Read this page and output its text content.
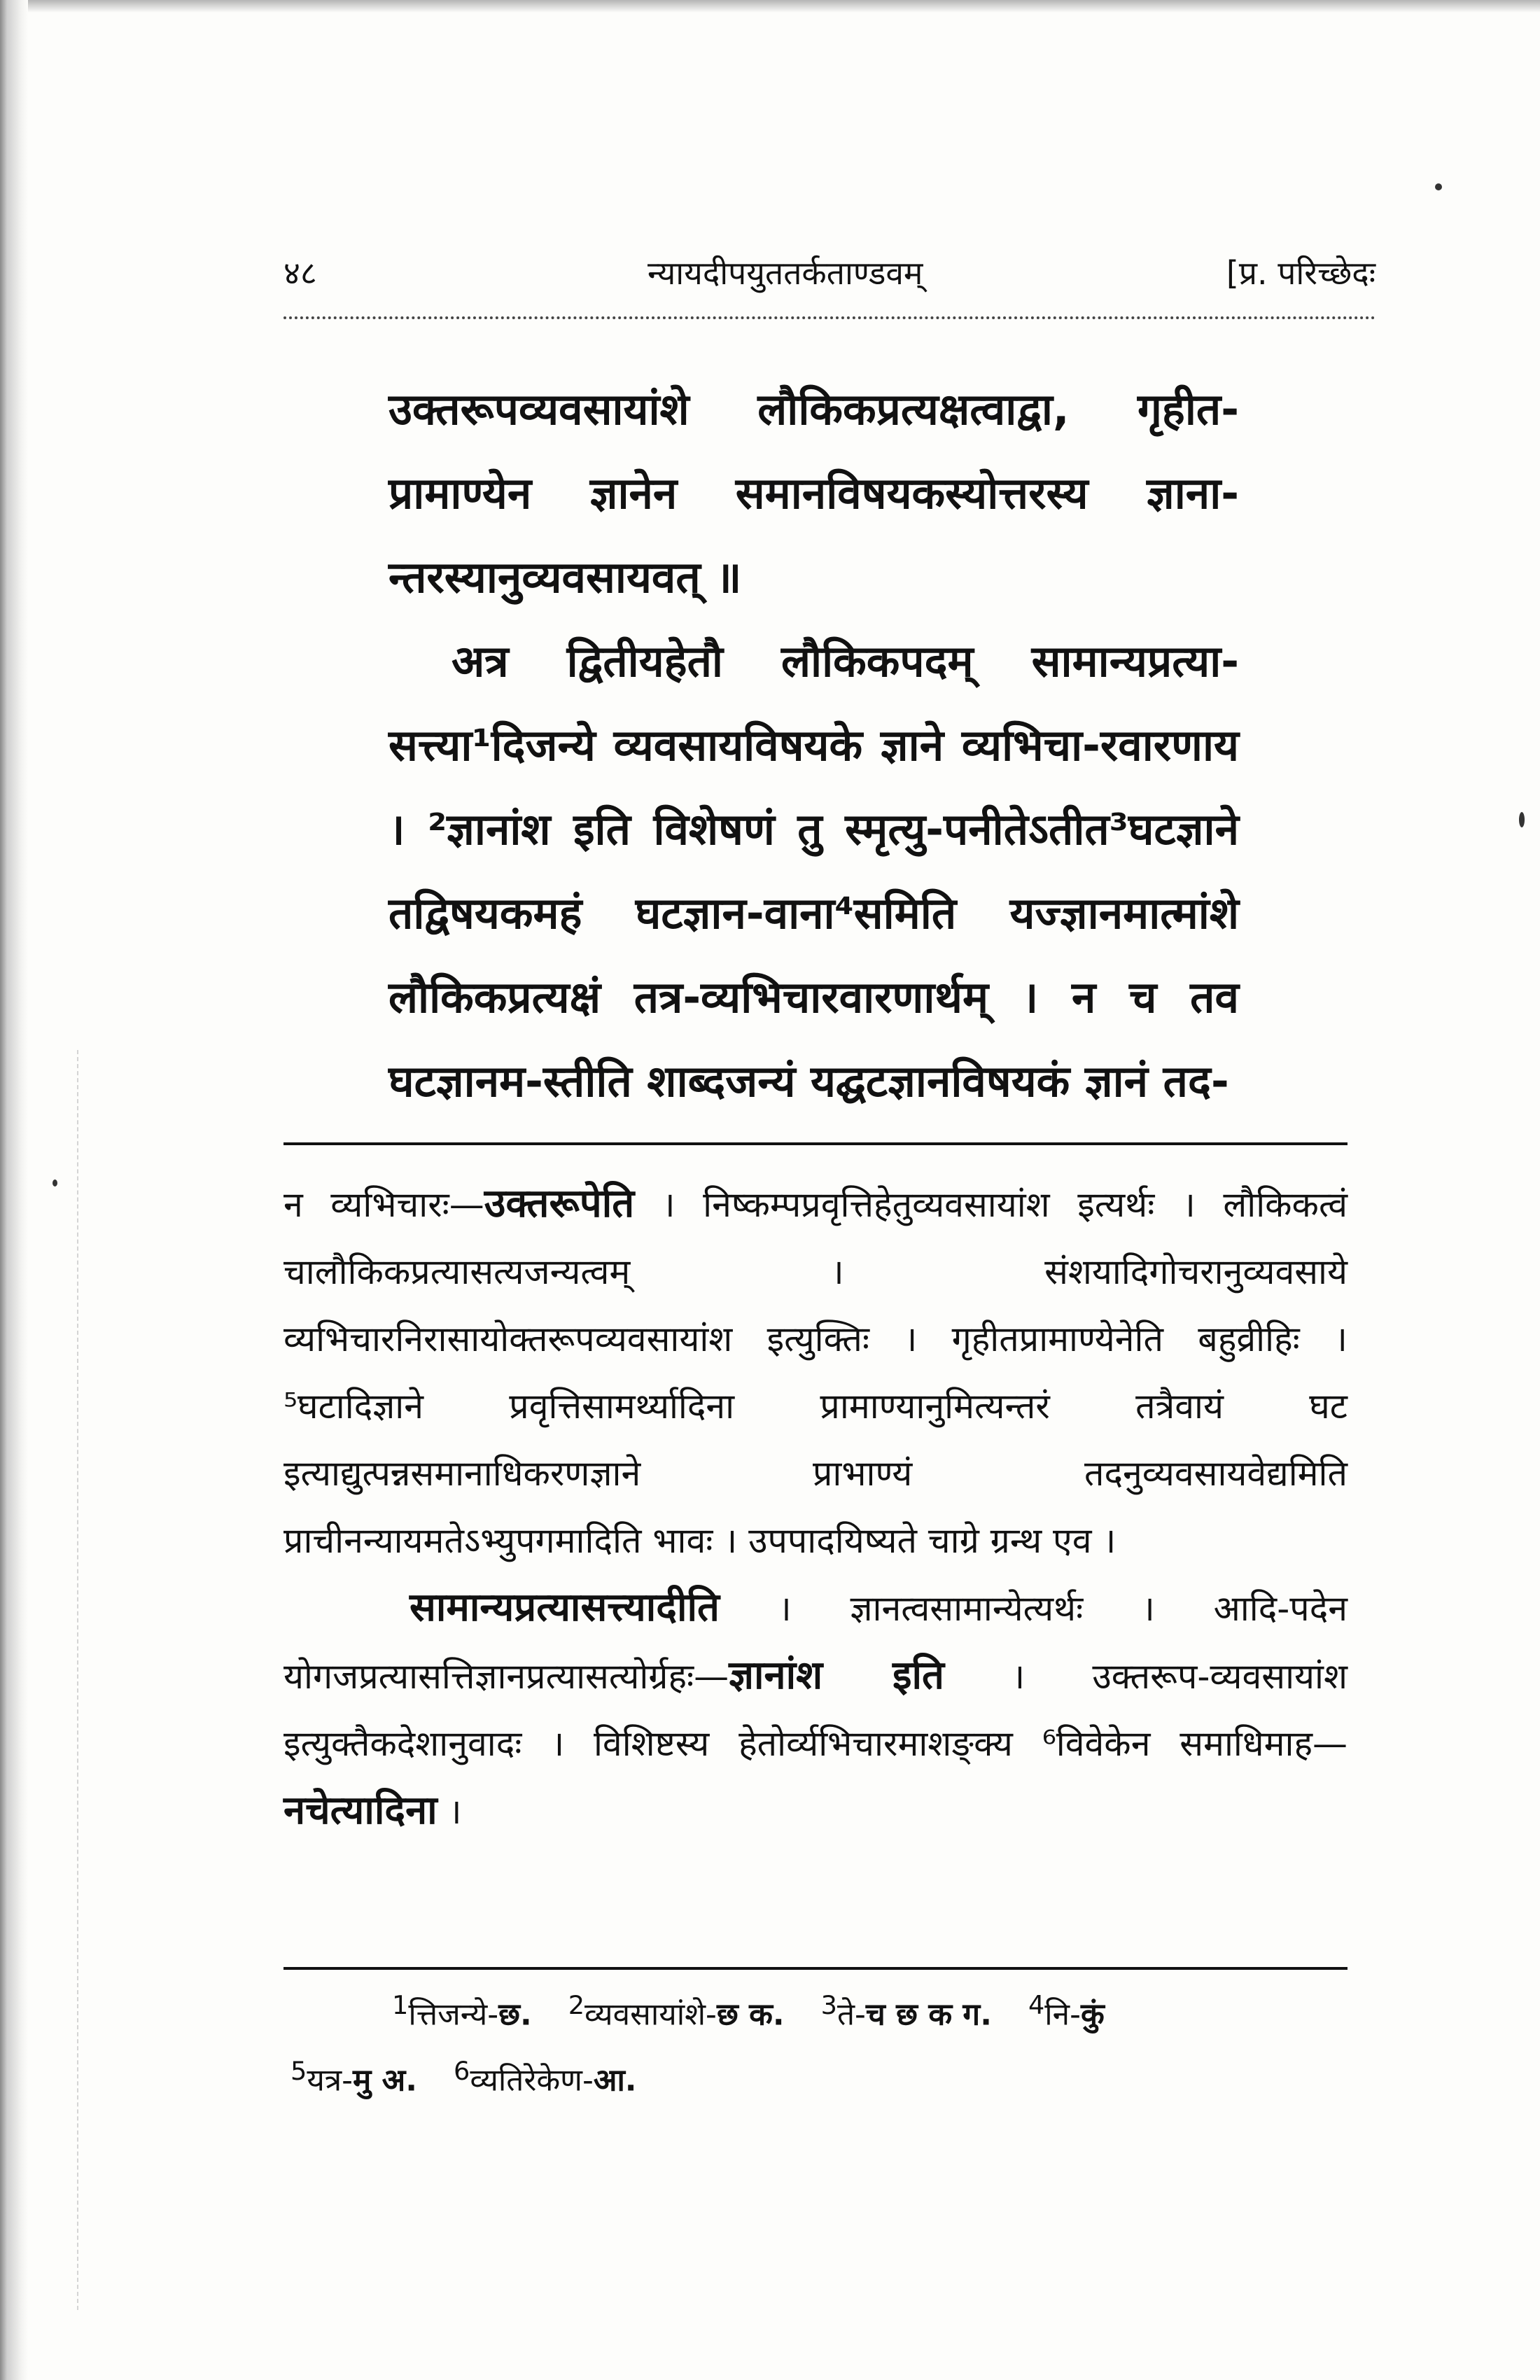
४८	न्यायदीपयुततर्कताण्डवम्	[प्र. परिच्छेदः

उक्तरूपव्यवसायांशे लौकिकप्रत्यक्षत्वाद्वा, गृहीत-प्रामाण्येन ज्ञानेन समानविषयकस्योत्तरस्य ज्ञाना-न्तरस्यानुव्यवसायवत् ॥

अत्र द्वितीयहेतौ लौकिकपदम् सामान्यप्रत्या-सत्त्या¹दिजन्ये व्यवसायविषयके ज्ञाने व्यभिचा-रवारणाय । ²ज्ञानांश इति विशेषणं तु स्मृत्यु-पनीतेऽतीत³घटज्ञाने तद्विषयकमहं घटज्ञान-वाना⁴समिति यज्ज्ञानमात्मांशे लौकिकप्रत्यक्षं तत्र-व्यभिचारवारणार्थम् । न च तव घटज्ञानम-स्तीति शाब्दजन्यं यद्घटज्ञानविषयकं ज्ञानं तद-

न व्यभिचारः—उक्तरूपेति । निष्कम्पप्रवृत्तिहेतुव्यवसायांश इत्यर्थः । लौकिकत्वं चालौकिकप्रत्यासत्यजन्यत्वम् । संशयादिगोचरानुव्यवसाये व्यभिचारनिरासायोक्तरूपव्यवसायांश इत्युक्तिः । गृहीतप्रामाण्येनेति बहुव्रीहिः । ⁵घटादिज्ञाने प्रवृत्तिसामर्थ्यादिना प्रामाण्यानुमित्यन्तरं तत्रैवायं घट इत्याद्युत्पन्नसमानाधिकरणज्ञाने प्राभाण्यं तदनुव्यवसायवेद्यमिति प्राचीनन्यायमतेऽभ्युपगमादिति भावः । उपपादयिष्यते चाग्रे ग्रन्थ एव ।

सामान्यप्रत्यासत्त्यादीति । ज्ञानत्वसामान्येत्यर्थः । आदि-पदेन योगजप्रत्यासत्तिज्ञानप्रत्यासत्योर्ग्रहः—ज्ञानांश इति । उक्तरूप-व्यवसायांश इत्युक्तैकदेशानुवादः । विशिष्टस्य हेतोर्व्यभिचारमाशङ्क्य ⁶विवेकेन समाधिमाह—नचेत्यादिना ।

$^1$त्तिजन्ये-छ. $^2$व्यवसायांशे-छ क. $^3$ते-च छ क ग. $^4$नि-कुं
$^5$यत्र-मु अ. $^6$व्यतिरेकेण-आ.
